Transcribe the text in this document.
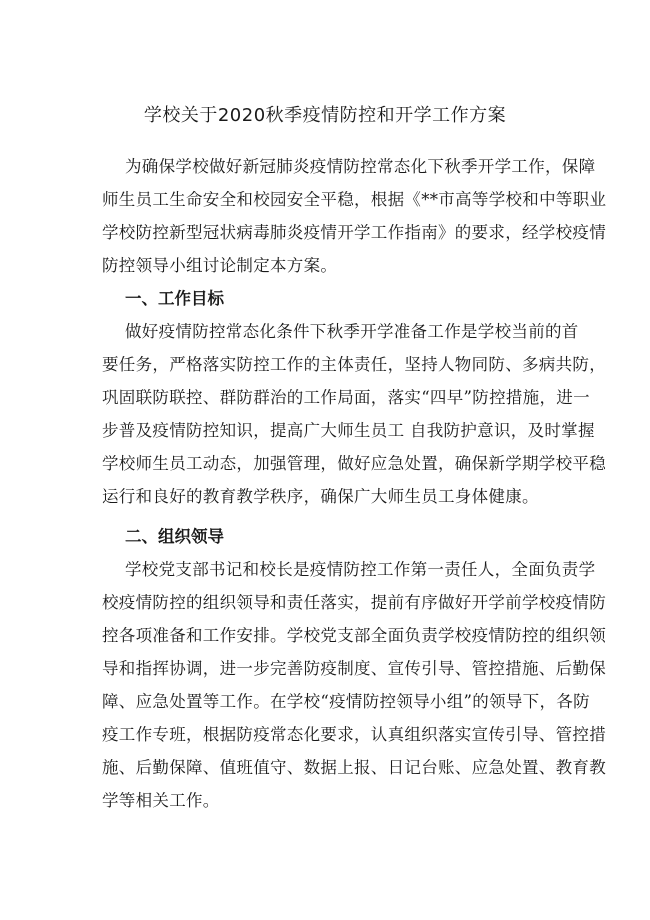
学校关于2020秋季疫情防控和开学工作方案
为确保学校做好新冠肺炎疫情防控常态化下秋季开学工作，保障
师生员工生命安全和校园安全平稳，根据《**市高等学校和中等职业
学校防控新型冠状病毒肺炎疫情开学工作指南》的要求，经学校疫情
防控领导小组讨论制定本方案。
一、工作目标
做好疫情防控常态化条件下秋季开学准备工作是学校当前的首
要任务，严格落实防控工作的主体责任，坚持人物同防、多病共防，
巩固联防联控、群防群治的工作局面，落实“四早”防控措施，进一
步普及疫情防控知识，提高广大师生员工 自我防护意识，及时掌握
学校师生员工动态，加强管理，做好应急处置，确保新学期学校平稳
运行和良好的教育教学秩序，确保广大师生员工身体健康。
二、组织领导
学校党支部书记和校长是疫情防控工作第一责任人，全面负责学
校疫情防控的组织领导和责任落实，提前有序做好开学前学校疫情防
控各项准备和工作安排。学校党支部全面负责学校疫情防控的组织领
导和指挥协调，进一步完善防疫制度、宣传引导、管控措施、后勤保
障、应急处置等工作。在学校“疫情防控领导小组”的领导下，各防
疫工作专班，根据防疫常态化要求，认真组织落实宣传引导、管控措
施、后勤保障、值班值守、数据上报、日记台账、应急处置、教育教
学等相关工作。
